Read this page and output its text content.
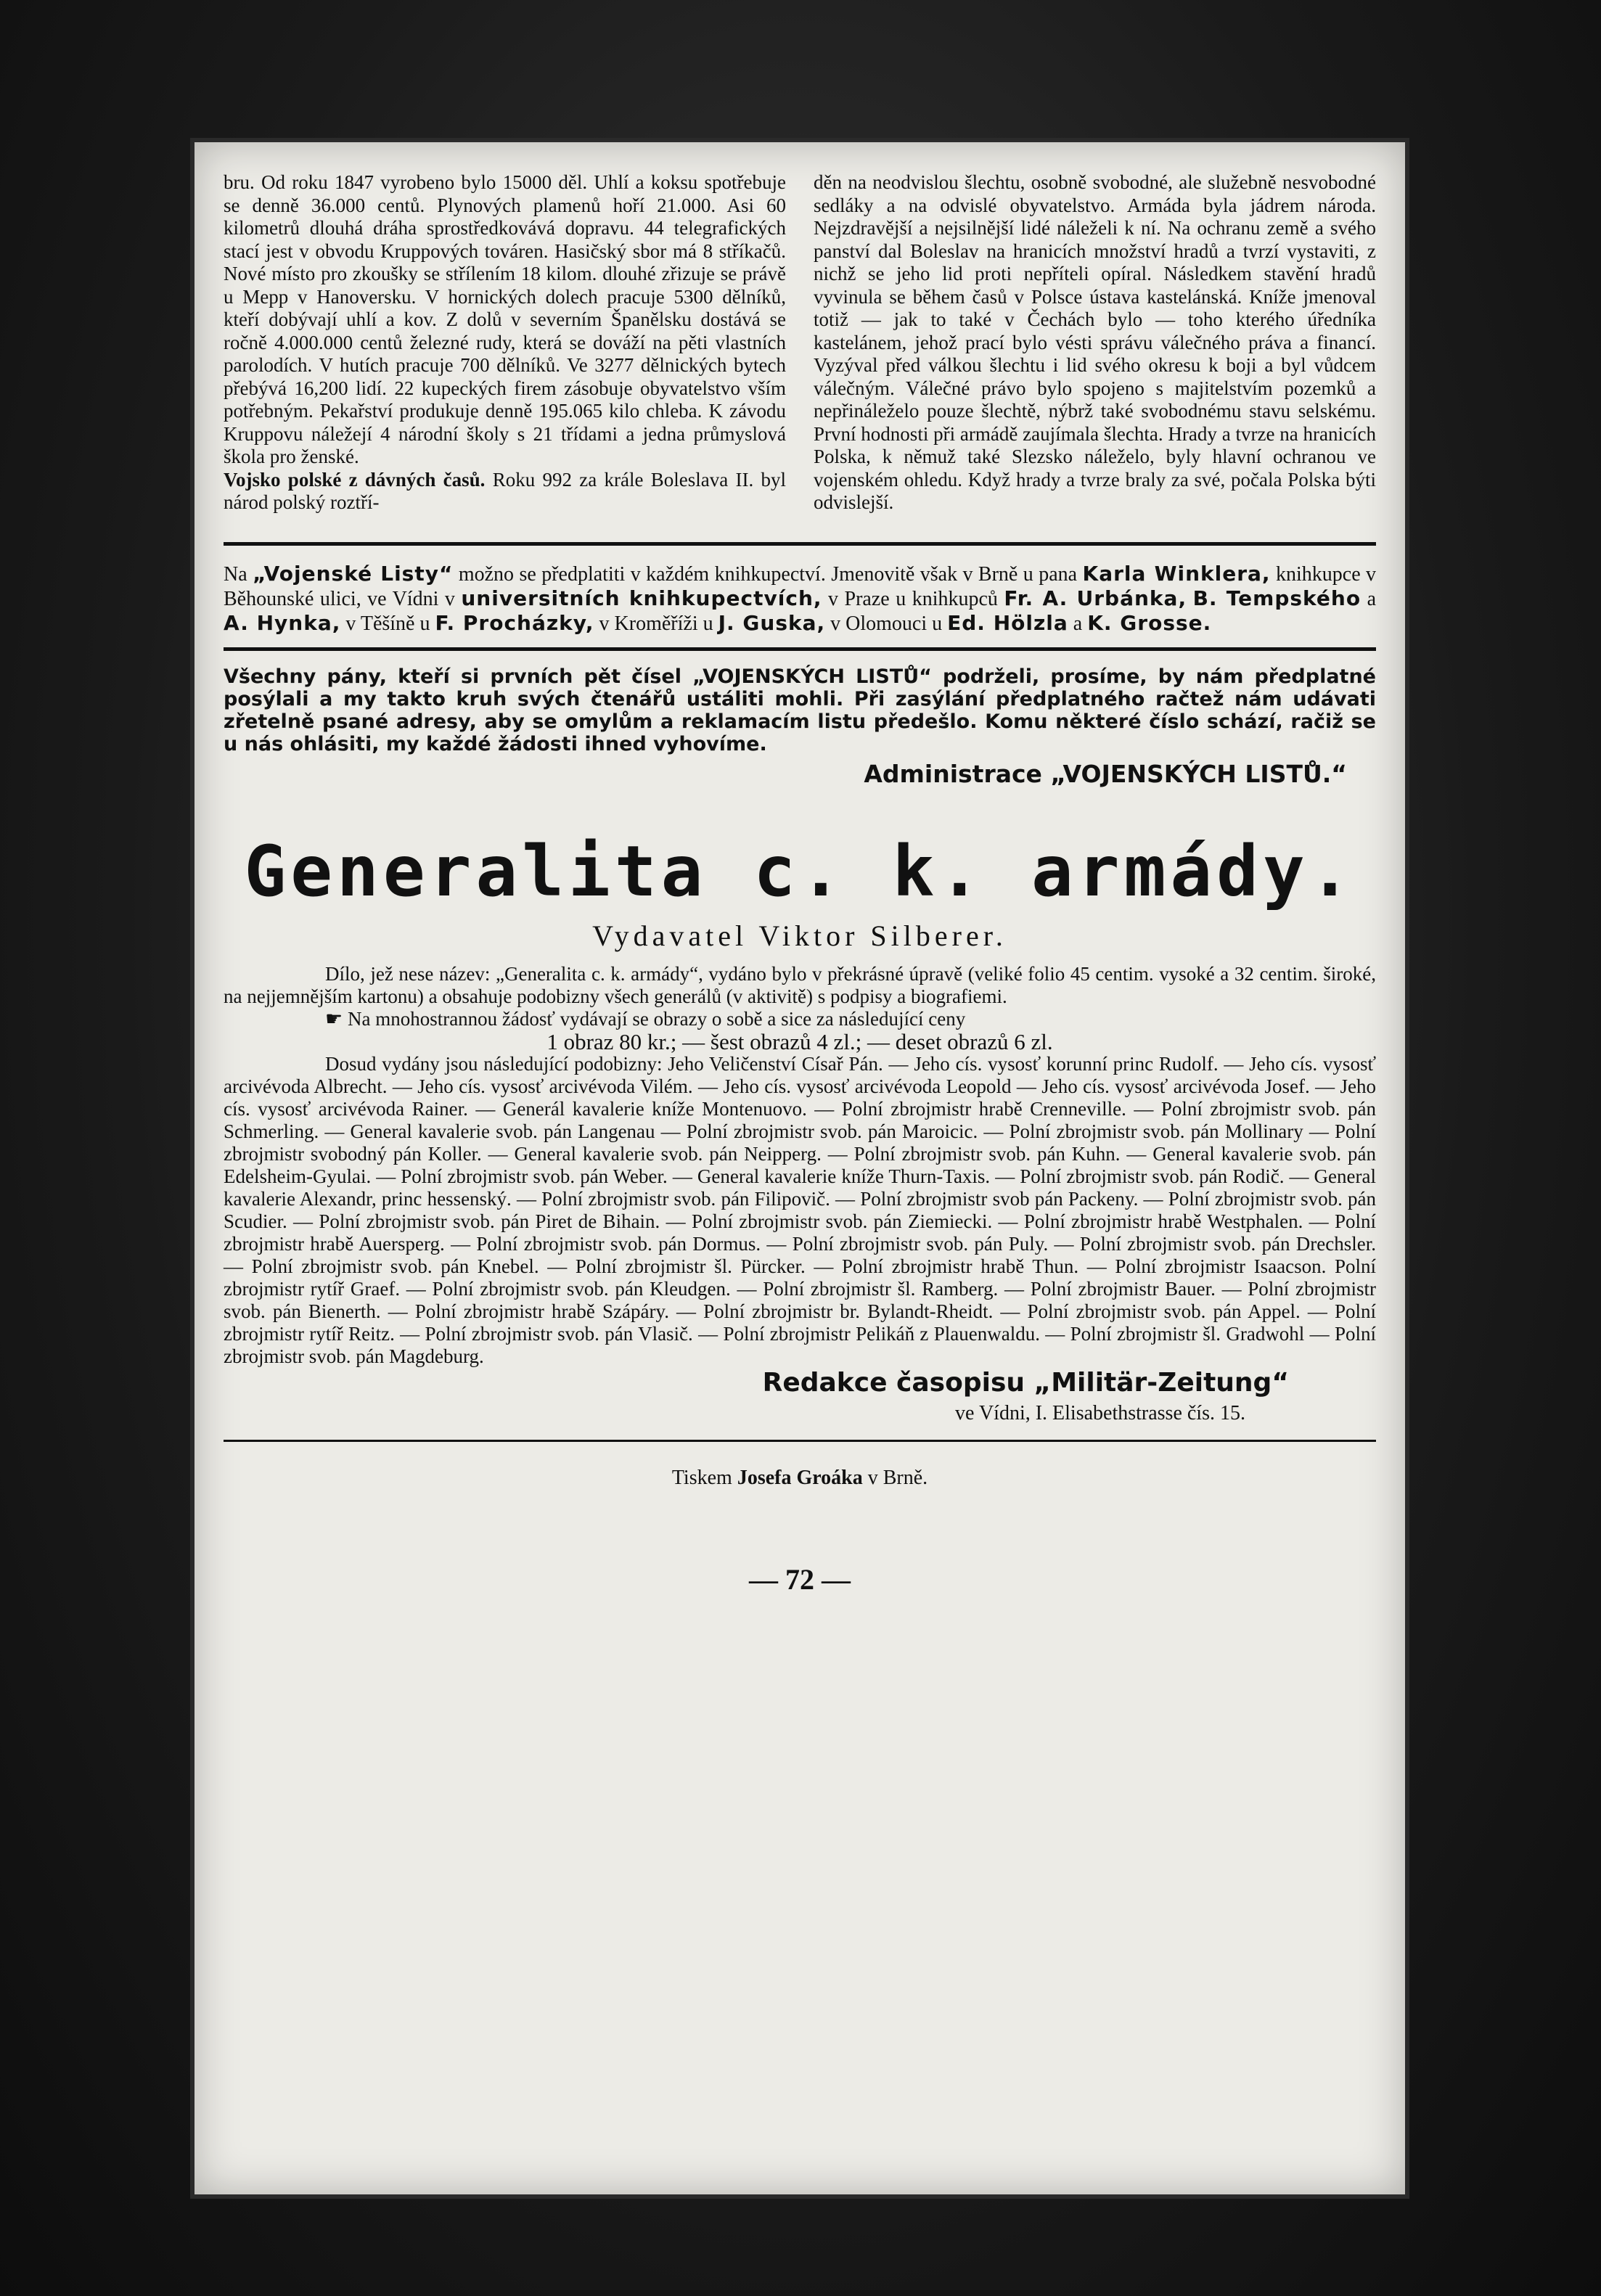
bru. Od roku 1847 vyrobeno bylo 15000 děl. Uhlí a koksu spotřebuje se denně 36.000 centů. Plynových plamenů hoří 21.000. Asi 60 kilometrů dlouhá dráha sprostředkovává dopravu. 44 telegrafických stací jest v obvodu Kruppových továren. Hasičský sbor má 8 stříkačů. Nové místo pro zkoušky se střílením 18 kilom. dlouhé zřizuje se právě u Mepp v Hanoversku. V hornických dolech pracuje 5300 dělníků, kteří dobývají uhlí a kov. Z dolů v severním Španělsku dostává se ročně 4.000.000 centů železné rudy, která se dováží na pěti vlastních parolodích. V hutích pracuje 700 dělníků. Ve 3277 dělnických bytech přebývá 16,200 lidí. 22 kupeckých firem zásobuje obyvatelstvo vším potřebným. Pekařství produkuje denně 195.065 kilo chleba. K závodu Kruppovu náležejí 4 národní školy s 21 třídami a jedna průmyslová škola pro ženské.

Vojsko polské z dávných časů. Roku 992 za krále Boleslava II. byl národ polský roztří-

děn na neodvislou šlechtu, osobně svobodné, ale služebně nesvobodné sedláky a na odvislé obyvatelstvo. Armáda byla jádrem národa. Nejzdravější a nejsilnější lidé náleželi k ní. Na ochranu země a svého panství dal Boleslav na hranicích množství hradů a tvrzí vystaviti, z nichž se jeho lid proti nepříteli opíral. Následkem stavění hradů vyvinula se během časů v Polsce ústava kastelánská. Kníže jmenoval totiž — jak to také v Čechách bylo — toho kterého úředníka kastelánem, jehož prací bylo vésti správu válečného práva a financí. Vyzýval před válkou šlechtu i lid svého okresu k boji a byl vůdcem válečným. Válečné právo bylo spojeno s majitelstvím pozemků a nepřináleželo pouze šlechtě, nýbrž také svobodnému stavu selskému. První hodnosti při armádě zaujímala šlechta. Hrady a tvrze na hranicích Polska, k němuž také Slezsko náleželo, byly hlavní ochranou ve vojenském ohledu. Když hrady a tvrze braly za své, počala Polska býti odvislejší.

Na „Vojenské Listy“ možno se předplatiti v každém knihkupectví. Jmenovitě však v Brně u pana Karla Winklera, knihkupce v Běhounské ulici, ve Vídni v universitních knihkupectvích, v Praze u knihkupců Fr. A. Urbánka, B. Tempského a A. Hynka, v Těšíně u F. Procházky, v Kroměříži u J. Guska, v Olomouci u Ed. Hölzla a K. Grosse.
Všechny pány, kteří si prvních pět čísel „VOJENSKÝCH LISTŮ“ podrželi, prosíme, by nám předplatné posýlali a my takto kruh svých čtenářů ustáliti mohli. Při zasýlání předplatného račtež nám udávati zřetelně psané adresy, aby se omylům a reklamacím listu předešlo. Komu některé číslo schází, račiž se u nás ohlásiti, my každé žádosti ihned vyhovíme.
Administrace „VOJENSKÝCH LISTŮ.“
Generalita c. k. armády.
Vydavatel Viktor Silberer.

Dílo, jež nese název: „Generalita c. k. armády“, vydáno bylo v překrásné úpravě (veliké folio 45 centim. vysoké a 32 centim. široké, na nejjemnějším kartonu) a obsahuje podobizny všech generálů (v aktivitě) s podpisy a biografiemi.

☛ Na mnohostrannou žádosť vydávají se obrazy o sobě a sice za následující ceny

1 obraz 80 kr.; — šest obrazů 4 zl.; — deset obrazů 6 zl.

Dosud vydány jsou následující podobizny: Jeho Veličenství Císař Pán. — Jeho cís. vysosť korunní princ Rudolf. — Jeho cís. vysosť arcivévoda Albrecht. — Jeho cís. vysosť arcivévoda Vilém. — Jeho cís. vysosť arcivévoda Leopold — Jeho cís. vysosť arcivévoda Josef. — Jeho cís. vysosť arcivévoda Rainer. — Generál kavalerie kníže Montenuovo. — Polní zbrojmistr hrabě Crenneville. — Polní zbrojmistr svob. pán Schmerling. — General kavalerie svob. pán Langenau — Polní zbrojmistr svob. pán Maroicic. — Polní zbrojmistr svob. pán Mollinary — Polní zbrojmistr svobodný pán Koller. — General kavalerie svob. pán Neipperg. — Polní zbrojmistr svob. pán Kuhn. — General kavalerie svob. pán Edelsheim-Gyulai. — Polní zbrojmistr svob. pán Weber. — General kavalerie kníže Thurn-Taxis. — Polní zbrojmistr svob. pán Rodič. — General kavalerie Alexandr, princ hessenský. — Polní zbrojmistr svob. pán Filipovič. — Polní zbrojmistr svob pán Packeny. — Polní zbrojmistr svob. pán Scudier. — Polní zbrojmistr svob. pán Piret de Bihain. — Polní zbrojmistr svob. pán Ziemiecki. — Polní zbrojmistr hrabě Westphalen. — Polní zbrojmistr hrabě Auersperg. — Polní zbrojmistr svob. pán Dormus. — Polní zbrojmistr svob. pán Puly. — Polní zbrojmistr svob. pán Drechsler. — Polní zbrojmistr svob. pán Knebel. — Polní zbrojmistr šl. Pürcker. — Polní zbrojmistr hrabě Thun. — Polní zbrojmistr Isaacson. Polní zbrojmistr rytíř Graef. — Polní zbrojmistr svob. pán Kleudgen. — Polní zbrojmistr šl. Ramberg. — Polní zbrojmistr Bauer. — Polní zbrojmistr svob. pán Bienerth. — Polní zbrojmistr hrabě Szápáry. — Polní zbrojmistr br. Bylandt-Rheidt. — Polní zbrojmistr svob. pán Appel. — Polní zbrojmistr rytíř Reitz. — Polní zbrojmistr svob. pán Vlasič. — Polní zbrojmistr Pelikáň z Plauenwaldu. — Polní zbrojmistr šl. Gradwohl — Polní zbrojmistr svob. pán Magdeburg.

Redakce časopisu „Militär-Zeitung“
ve Vídni, I. Elisabethstrasse čís. 15.
Tiskem Josefa Groáka v Brně.
— 72 —
